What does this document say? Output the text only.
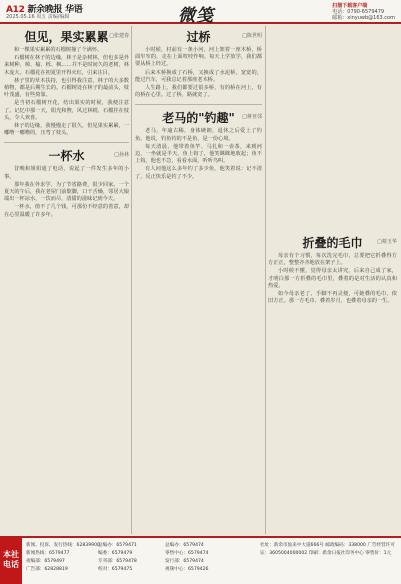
A12 新余晚报 华语
2025.05.16 周五 责编/编辑	微笺	扫描下载客户端
电话：0790-6579479
邮箱：xinyuwb@163.com
但见，果实累累 □张建春

和一棵果实累累的石榴树撞了个满怀。

石榴树在林子的边缘，林子是杂树林，但也多是外来树种，樟、榆、栎、枫……并不是时间久的老树，林木庞大。石榴花在初夏里开得火红，引来注目。

林子里的草木扶持，也引得我注意，林子的大多数植物，都是后期生长的。石榴树处在林子的最前头，枝叶茂盛，有些倚靠。

是当初石榴树开花，结出果实的时候，我便注意了。记忆中那一天，阳光和煦，风过林梢，石榴挂在枝头，令人欢喜。

林子的边缘，我慢慢走了很久，但见果实累累，一嘟噜一嘟噜的，压弯了枝头。

一杯水	□孙林

昔晚和姐姐通了电话，说起了一件发生多年的小事。

那年我在外求学，为了节省路费，很少回家。一个夏天的午后，我在老屋门前歇脚，口干舌燥，邻居大娘端出一杯凉水，一饮而尽，清甜的滋味记到今天。

一杯水，值不了几个钱，可那份不经意的善意，却在心里温暖了许多年。

过桥	□陈世明

小时候，村前有一条小河，河上架着一座木桥，桥面窄窄的，走在上面吱吱作响。每天上学放学，我们都要从桥上经过。

后来木桥换成了石桥，又换成了水泥桥，宽宽的，能过汽车，可我总记着那座老木桥。

人生路上，我们都要过很多桥，有的桥在河上，有的桥在心里。过了桥，路就宽了。

老马的"钓趣" □蒋亚邻

老马，年逾古稀，身体硬朗，退休之后爱上了钓鱼。他说，钓鱼钓的不是鱼，是一份心境。

每天清晨，他带着鱼竿、马扎和一壶茶，来到河边，一坐就是半天。鱼上钩了，他笑眯眯地收起；鱼不上钩，他也不急，看看水面，听听鸟叫。

有人问他这么多年钓了多少鱼，他笑着说：记不清了，反正快乐是钓了不少。

折叠的毛巾	□蔡玉华

母亲有个习惯，每次洗完毛巾，总要把它折叠得方方正正，整整齐齐地放在架子上。

小时候不懂，觉得母亲太讲究。后来自己成了家，才明白那一方折叠的毛巾里，叠着的是对生活的认真和热爱。

如今母亲老了，手脚不再灵便，可她叠的毛巾，依旧方正。那一方毛巾，叠着岁月，也叠着母亲的一生。

本社电话
新闻、投诉、发行热线：62839900
新闻热线：6579477
夜编部：6579497
广告部：62828819
总编办：6579471
编委：6579479
专刊部：6579478
校对：6579475
总编办：6579474
零售中心：6579474
发行部：6579474
视频中心：6579426
社址：新余市仙来中大道666号 邮政编码：338000 广告经营许可证：3605004000002 印刷：新余日报社印务中心 零售价：1元
